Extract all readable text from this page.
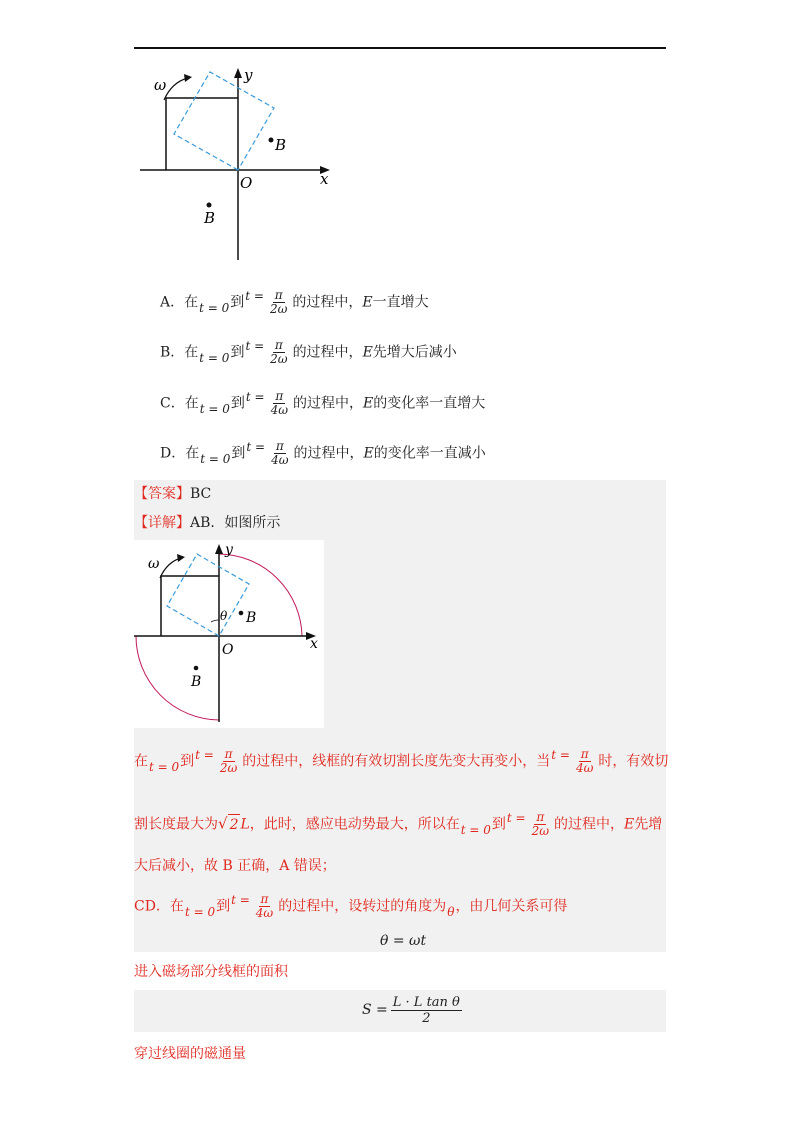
ω
y
x
O
B
B
A．在t = 0到$t = \frac{\pi}{2\omega}$ 的过程中，E一直增大
B．在t = 0到$t = \frac{\pi}{2\omega}$ 的过程中，E先增大后减小
C．在t = 0到$t = \frac{\pi}{4\omega}$ 的过程中，E的变化率一直增大
D．在t = 0到$t = \frac{\pi}{4\omega}$ 的过程中，E的变化率一直减小
【答案】BC
【详解】AB．如图所示
ω
y
x
O
θ B
B
在t = 0到$t = \frac{\pi}{2\omega}$ 的过程中，线框的有效切割长度先变大再变小，当$t = \frac{\pi}{4\omega}$ 时，有效切
割长度最大为√ 2 L，此时，感应电动势最大，所以在t = 0到$t = \frac{\pi}{2\omega}$ 的过程中，E先增
大后减小，故 B 正确，A 错误；
CD．在t = 0到$t = \frac{\pi}{4\omega}$ 的过程中，设转过的角度为θ，由几何关系可得
θ = ωt
进入磁场部分线框的面积
$S = \frac{\text{L · L tan θ}}{2}$
穿过线圈的磁通量
